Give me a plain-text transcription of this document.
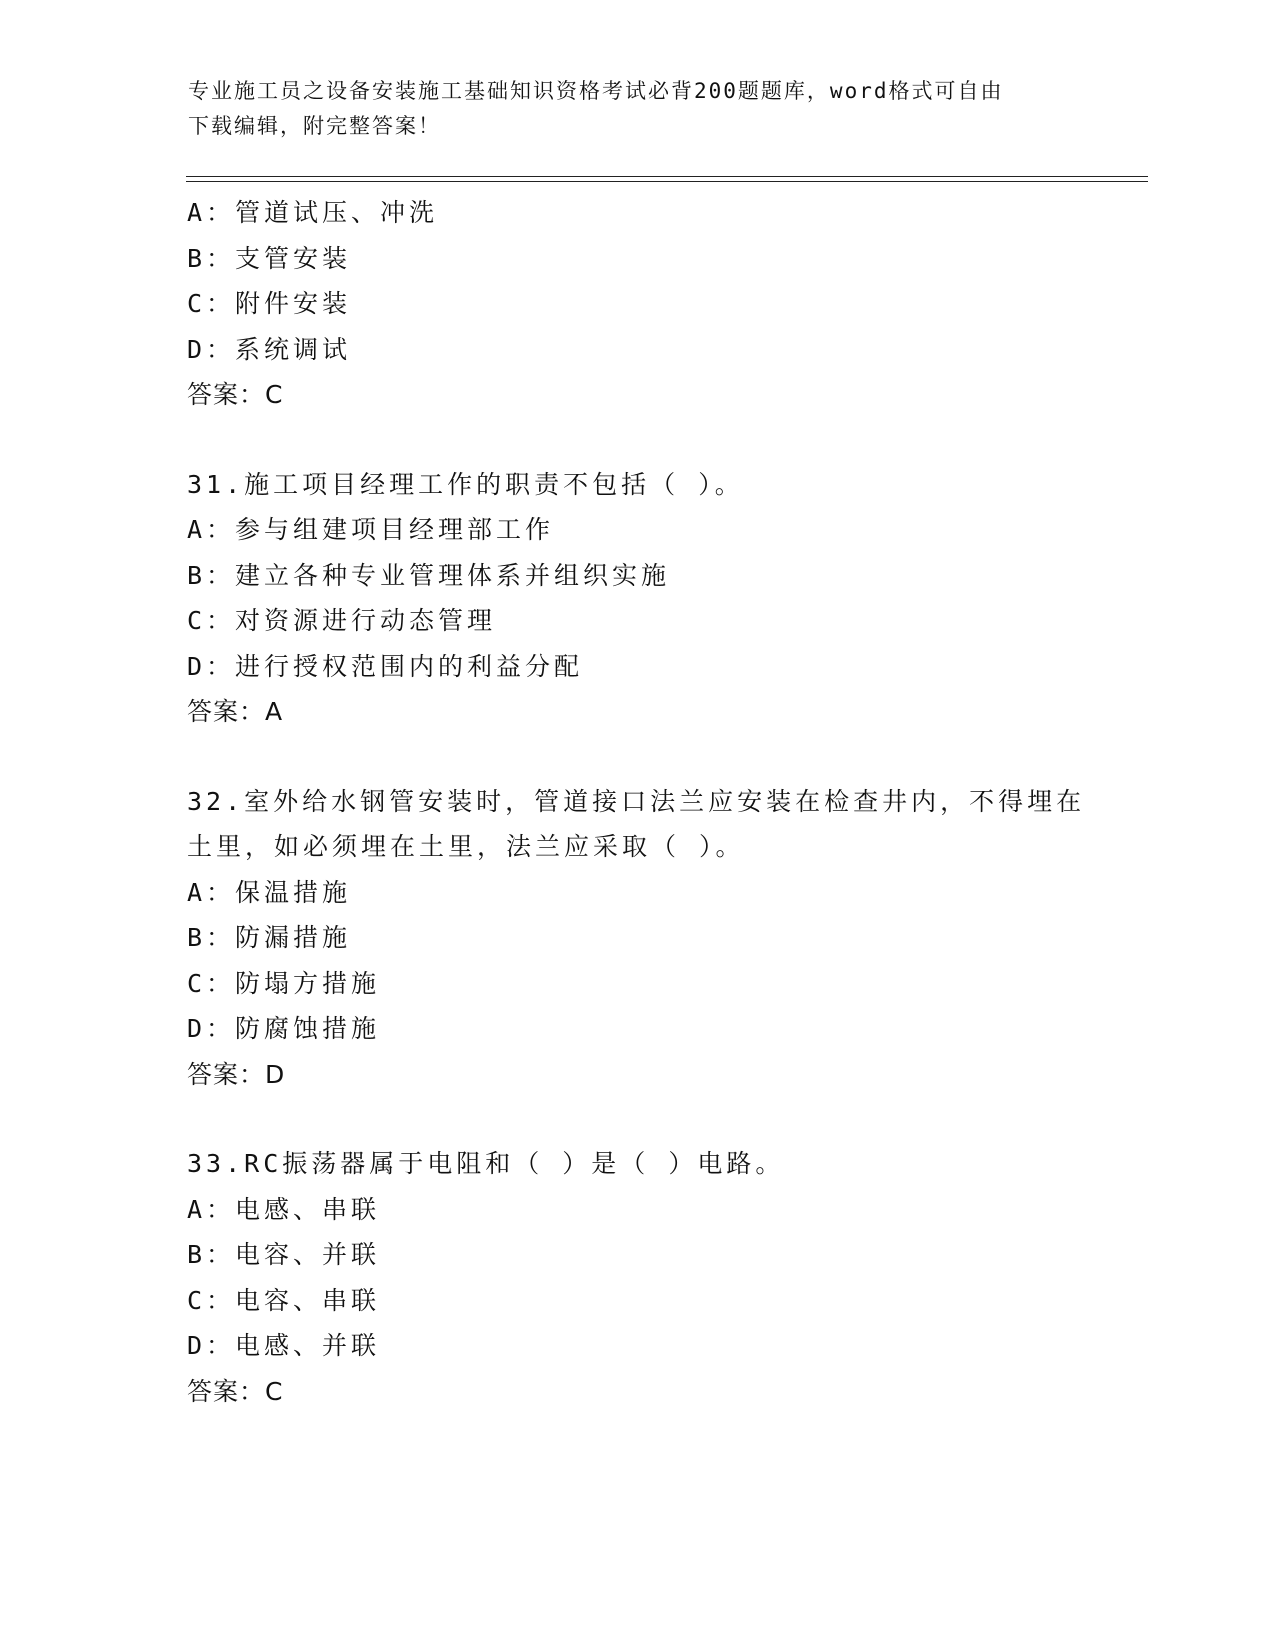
专业施工员之设备安装施工基础知识资格考试必背200题题库，word格式可自由
下载编辑，附完整答案！
A：管道试压、冲洗
B：支管安装
C：附件安装
D：系统调试
答案：C
31.施工项目经理工作的职责不包括（ ）。
A：参与组建项目经理部工作
B：建立各种专业管理体系并组织实施
C：对资源进行动态管理
D：进行授权范围内的利益分配
答案：A
32.室外给水钢管安装时，管道接口法兰应安装在检查井内，不得埋在
土里，如必须埋在土里，法兰应采取（ ）。
A：保温措施
B：防漏措施
C：防塌方措施
D：防腐蚀措施
答案：D
33.RC振荡器属于电阻和（ ）是（ ）电路。
A：电感、串联
B：电容、并联
C：电容、串联
D：电感、并联
答案：C
